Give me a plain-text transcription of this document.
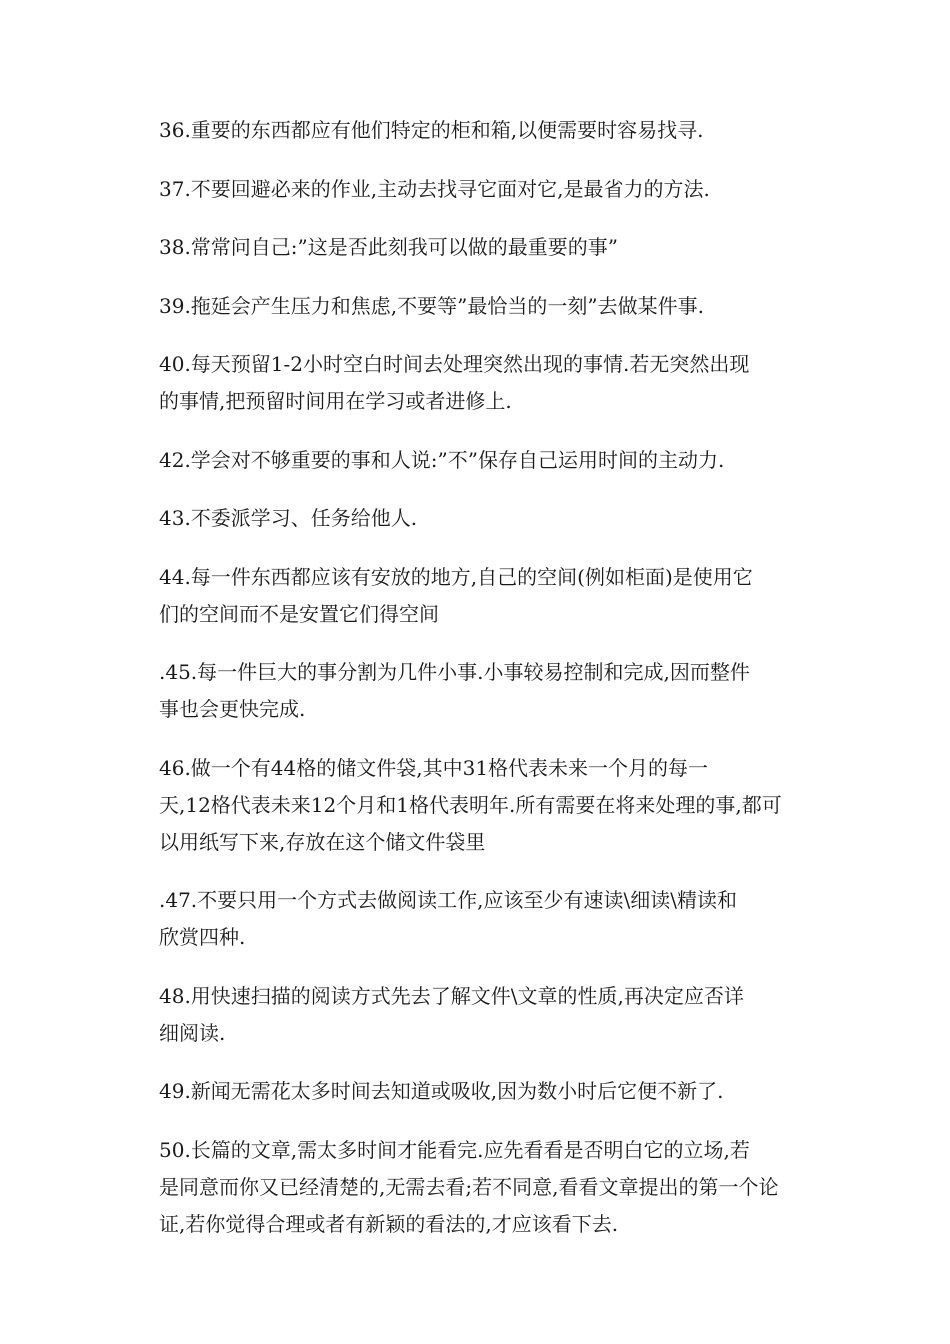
36.重要的东西都应有他们特定的柜和箱,以便需要时容易找寻.

37.不要回避必来的作业,主动去找寻它面对它,是最省力的方法.

38.常常问自己:”这是否此刻我可以做的最重要的事”

39.拖延会产生压力和焦虑,不要等”最恰当的一刻”去做某件事.

40.每天预留1-2小时空白时间去处理突然出现的事情.若无突然出现
的事情,把预留时间用在学习或者进修上.

42.学会对不够重要的事和人说:”不”保存自己运用时间的主动力.

43.不委派学习、任务给他人.

44.每一件东西都应该有安放的地方,自己的空间(例如柜面)是使用它
们的空间而不是安置它们得空间

.45.每一件巨大的事分割为几件小事.小事较易控制和完成,因而整件
事也会更快完成.

46.做一个有44格的储文件袋,其中31格代表未来一个月的每一
天,12格代表未来12个月和1格代表明年.所有需要在将来处理的事,都可
以用纸写下来,存放在这个储文件袋里

.47.不要只用一个方式去做阅读工作,应该至少有速读\细读\精读和
欣赏四种.

48.用快速扫描的阅读方式先去了解文件\文章的性质,再决定应否详
细阅读.

49.新闻无需花太多时间去知道或吸收,因为数小时后它便不新了.

50.长篇的文章,需太多时间才能看完.应先看看是否明白它的立场,若
是同意而你又已经清楚的,无需去看;若不同意,看看文章提出的第一个论
证,若你觉得合理或者有新颖的看法的,才应该看下去.
